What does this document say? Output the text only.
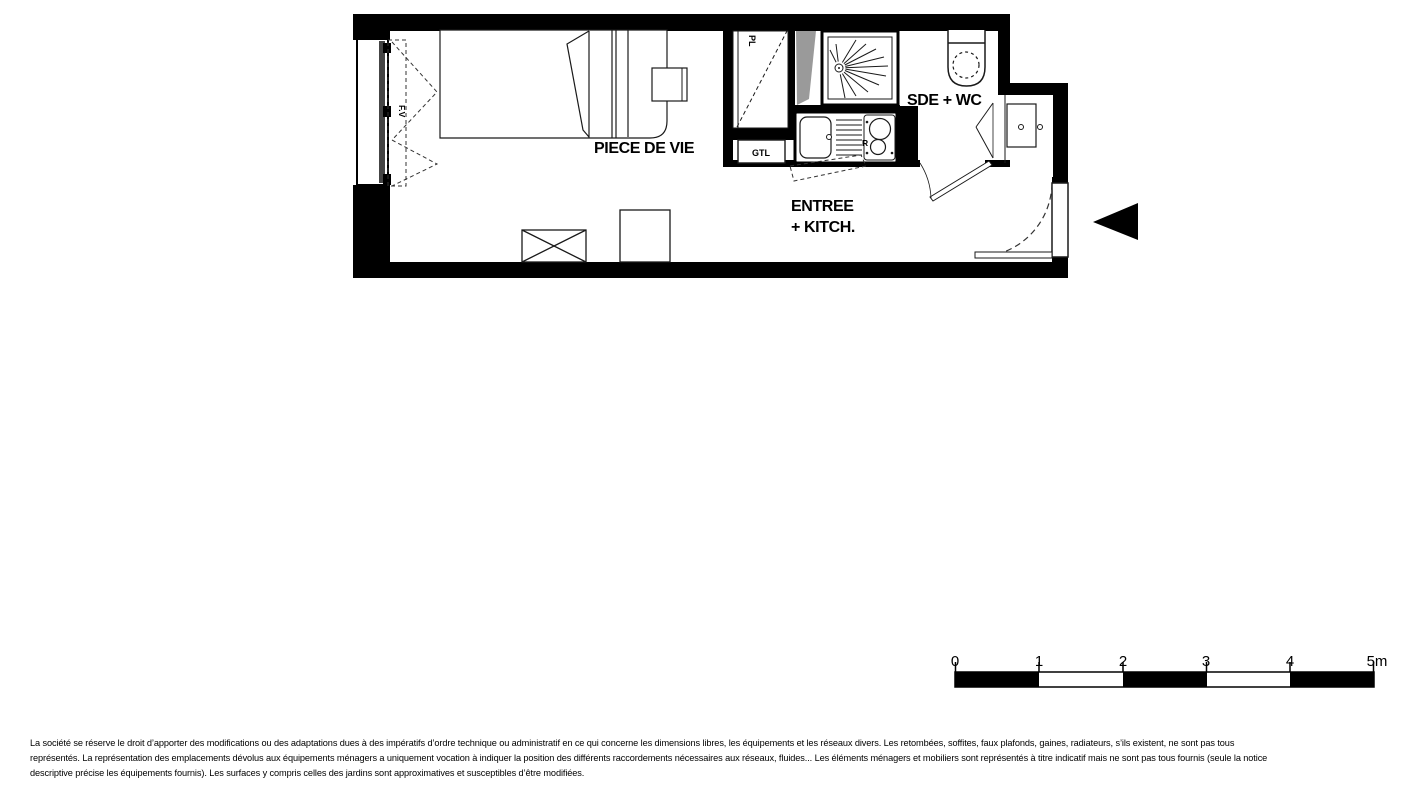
F.V
PL
GTL
R
PIECE DE VIE
SDE + WC
ENTREE
+ KITCH.
0	1	2	3	4	5m
La société se réserve le droit d’apporter des modifications ou des adaptations dues à des impératifs d’ordre technique ou administratif en ce qui concerne les dimensions libres, les équipements et les réseaux divers. Les retombées, soffites, faux plafonds, gaines, radiateurs, s’ils existent, ne sont pas tous
représentés. La représentation des emplacements dévolus aux équipements ménagers a uniquement vocation à indiquer la position des différents raccordements nécessaires aux réseaux, fluides... Les éléments ménagers et mobiliers sont représentés à titre indicatif mais ne sont pas tous fournis (seule la notice
descriptive précise les équipements fournis). Les surfaces y compris celles des jardins sont approximatives et susceptibles d’être modifiées.
